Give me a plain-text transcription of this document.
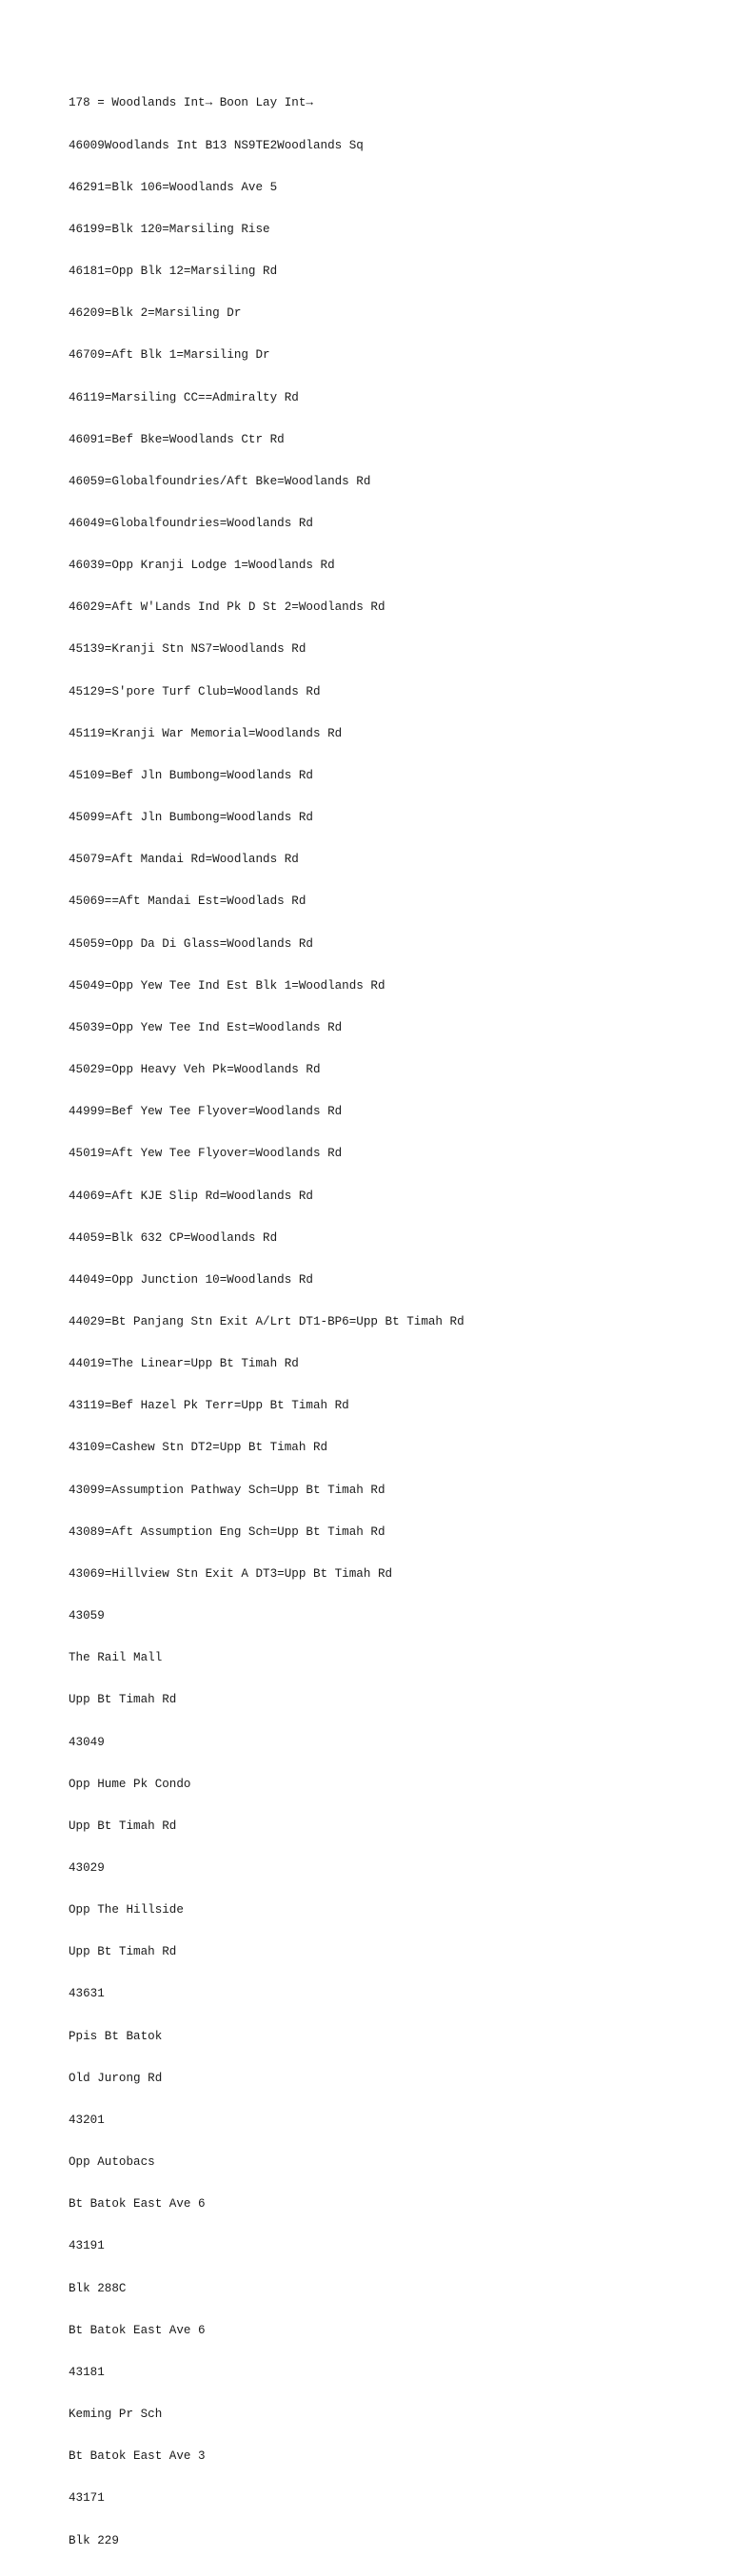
178 = Woodlands Int→ Boon Lay Int→

46009Woodlands Int B13 NS9TE2Woodlands Sq

46291=Blk 106=Woodlands Ave 5

46199=Blk 120=Marsiling Rise

46181=Opp Blk 12=Marsiling Rd

46209=Blk 2=Marsiling Dr

46709=Aft Blk 1=Marsiling Dr

46119=Marsiling CC==Admiralty Rd

46091=Bef Bke=Woodlands Ctr Rd

46059=Globalfoundries/Aft Bke=Woodlands Rd

46049=Globalfoundries=Woodlands Rd

46039=Opp Kranji Lodge 1=Woodlands Rd

46029=Aft W'Lands Ind Pk D St 2=Woodlands Rd

45139=Kranji Stn NS7=Woodlands Rd

45129=S'pore Turf Club=Woodlands Rd

45119=Kranji War Memorial=Woodlands Rd

45109=Bef Jln Bumbong=Woodlands Rd

45099=Aft Jln Bumbong=Woodlands Rd

45079=Aft Mandai Rd=Woodlands Rd

45069==Aft Mandai Est=Woodlads Rd

45059=Opp Da Di Glass=Woodlands Rd

45049=Opp Yew Tee Ind Est Blk 1=Woodlands Rd

45039=Opp Yew Tee Ind Est=Woodlands Rd

45029=Opp Heavy Veh Pk=Woodlands Rd

44999=Bef Yew Tee Flyover=Woodlands Rd

45019=Aft Yew Tee Flyover=Woodlands Rd

44069=Aft KJE Slip Rd=Woodlands Rd

44059=Blk 632 CP=Woodlands Rd

44049=Opp Junction 10=Woodlands Rd

44029=Bt Panjang Stn Exit A/Lrt DT1-BP6=Upp Bt Timah Rd

44019=The Linear=Upp Bt Timah Rd

43119=Bef Hazel Pk Terr=Upp Bt Timah Rd

43109=Cashew Stn DT2=Upp Bt Timah Rd

43099=Assumption Pathway Sch=Upp Bt Timah Rd

43089=Aft Assumption Eng Sch=Upp Bt Timah Rd

43069=Hillview Stn Exit A DT3=Upp Bt Timah Rd

43059

The Rail Mall

Upp Bt Timah Rd

43049

Opp Hume Pk Condo

Upp Bt Timah Rd

43029

Opp The Hillside

Upp Bt Timah Rd

43631

Ppis Bt Batok

Old Jurong Rd

43201

Opp Autobacs

Bt Batok East Ave 6

43191

Blk 288C

Bt Batok East Ave 6

43181

Keming Pr Sch

Bt Batok East Ave 3

43171

Blk 229
